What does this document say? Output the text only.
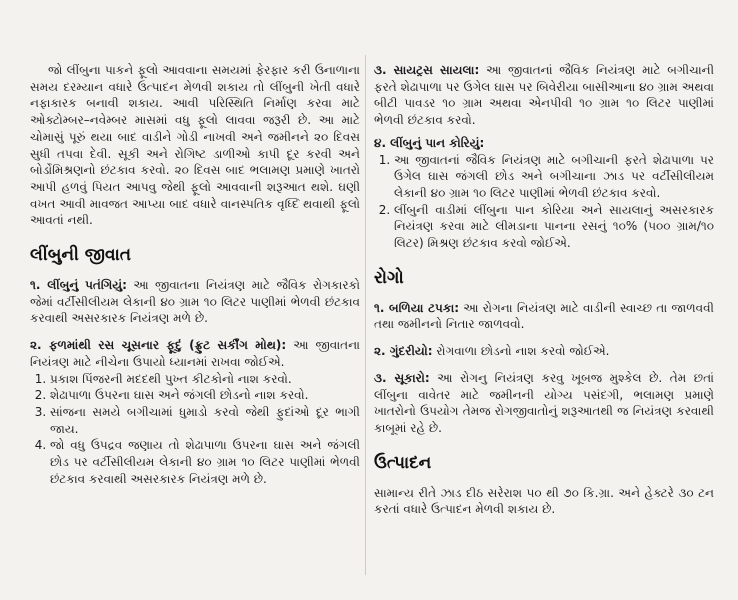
જો લીંબુના પાકને ફૂલો આવવાના સમયમાં ફેરફાર કરી ઉનાળાના સમય દરમ્યાન વધારે ઉત્પાદન મેળવી શકાય તો લીંબુની ખેતી વધારે નફાકારક બનાવી શકાય. આવી પરિસ્થિતિ નિર્માણ કરવા માટે ઓક્ટોમ્બર–નવેમ્બર માસમાં વધુ ફૂલો લાવવા જરૂરી છે. આ માટે ચોમાસું પૂરું થયા બાદ વાડીને ગોડી નાખવી અને જમીનને ૨૦ દિવસ સુધી તપવા દેવી. સૂકી અને રોગિષ્ટ ડાળીઓ કાપી દૂર કરવી અને બોર્ડોમિશ્રણનો છંટકાવ કરવો. ૨૦ દિવસ બાદ ભલામણ પ્રમાણે ખાતરો આપી હળવું પિયત આપવુ જેથી ફૂલો આવવાની શરૂઆત થશે. ઘણી વખત આવી માવજત આપ્યા બાદ વધારે વાનસ્પતિક વૃધ્દિ થવાથી ફૂલો આવતાં નથી.

લીંબુની જીવાત

૧. લીંબુનું પતંગિયું: આ જીવાતના નિયંત્રણ માટે જૈવિક રોગકારકો જેમાં વર્ટીસીલીયમ લેકાની ૪૦ ગ્રામ ૧૦ લિટર પાણીમાં ભેળવી છંટકાવ કરવાથી અસરકારક નિયંત્રણ મળે છે.

૨. ફળમાંથી રસ ચૂસનાર ફૂદું (ફ્રુટ સર્કીંગ મોથ): આ જીવાતના નિયંત્રણ માટે નીચેના ઉપાયો ધ્યાનમાં રાખવા જોઈએ.

1. પ્રકાશ પિંજરની મદદથી પુખ્ત કીટકોનો નાશ કરવો.
2. શેઢાપાળા ઉપરના ઘાસ અને જંગલી છોડનો નાશ કરવો.
3. સાંજના સમયે બગીચામાં ધુમાડો કરવો જેથી ફુદાંઓ દૂર ભાગી જાય.
4. જો વધુ ઉપદ્રવ જણાય તો શેઢાપાળા ઉપરના ઘાસ અને જંગલી છોડ પર વર્ટીસીલીયમ લેકાની ૪૦ ગ્રામ ૧૦ લિટર પાણીમાં ભેળવી છંટકાવ કરવાથી અસરકારક નિયંત્રણ મળે છે.

૩. સાયટ્રસ સાયલા: આ જીવાતનાં જૈવિક નિયંત્રણ માટે બગીચાની ફરતે શેઢાપાળા પર ઉગેલ ઘાસ પર બિવેરીયા બાસીઆના ૪૦ ગ્રામ અથવા બીટી પાવડર ૧૦ ગ્રામ અથવા એનપીવી ૧૦ ગ્રામ ૧૦ લિટર પાણીમાં ભેળવી છંટકાવ કરવો.

૪. લીંબુનું પાન કોરિયું:

1. આ જીવાતનાં જૈવિક નિયંત્રણ માટે બગીચાની ફરતે શેઢાપાળા પર ઉગેલ ઘાસ જંગલી છોડ અને બગીચાના ઝાડ પર વર્ટીસીલીયમ લેકાની ૪૦ ગ્રામ ૧૦ લિટર પાણીમાં ભેળવી છંટકાવ કરવો.
2. લીંબુની વાડીમાં લીંબુના પાન કોરિયા અને સાયલાનું અસરકારક નિયંત્રણ કરવા માટે લીમડાના પાનના રસનું ૧૦% (૫૦૦ ગ્રામ/૧૦ લિટર) મિશ્રણ છંટકાવ કરવો જોઈએ.
રોગો

૧. બળિયા ટપકા: આ રોગના નિયંત્રણ માટે વાડીની સ્વાચ્છ તા જાળવવી તથા જમીનનો નિતાર જાળવવો.

૨. ગુંદરીયો: રોગવાળા છોડનો નાશ કરવો જોઈએ.

૩. સૂકારો: આ રોગનુ નિયંત્રણ કરવુ ખૂબજ મુશ્કેલ છે. તેમ છતાં લીંબુના વાવેતર માટે જમીનની યોગ્ય પસંદગી, ભલામણ પ્રમાણે ખાતરોનો ઉપયોગ તેમજ રોગજીવાતોનું શરૂઆતથી જ નિયંત્રણ કરવાથી કાબૂમાં રહે છે.

ઉત્પાદન

સામાન્ય રીતે ઝાડ દીઠ સરેરાશ ૫૦ થી ૭૦ કિ.ગ્રા. અને હેક્ટરે ૩૦ ટન કરતાં વધારે ઉત્પાદન મેળવી શકાય છે.
